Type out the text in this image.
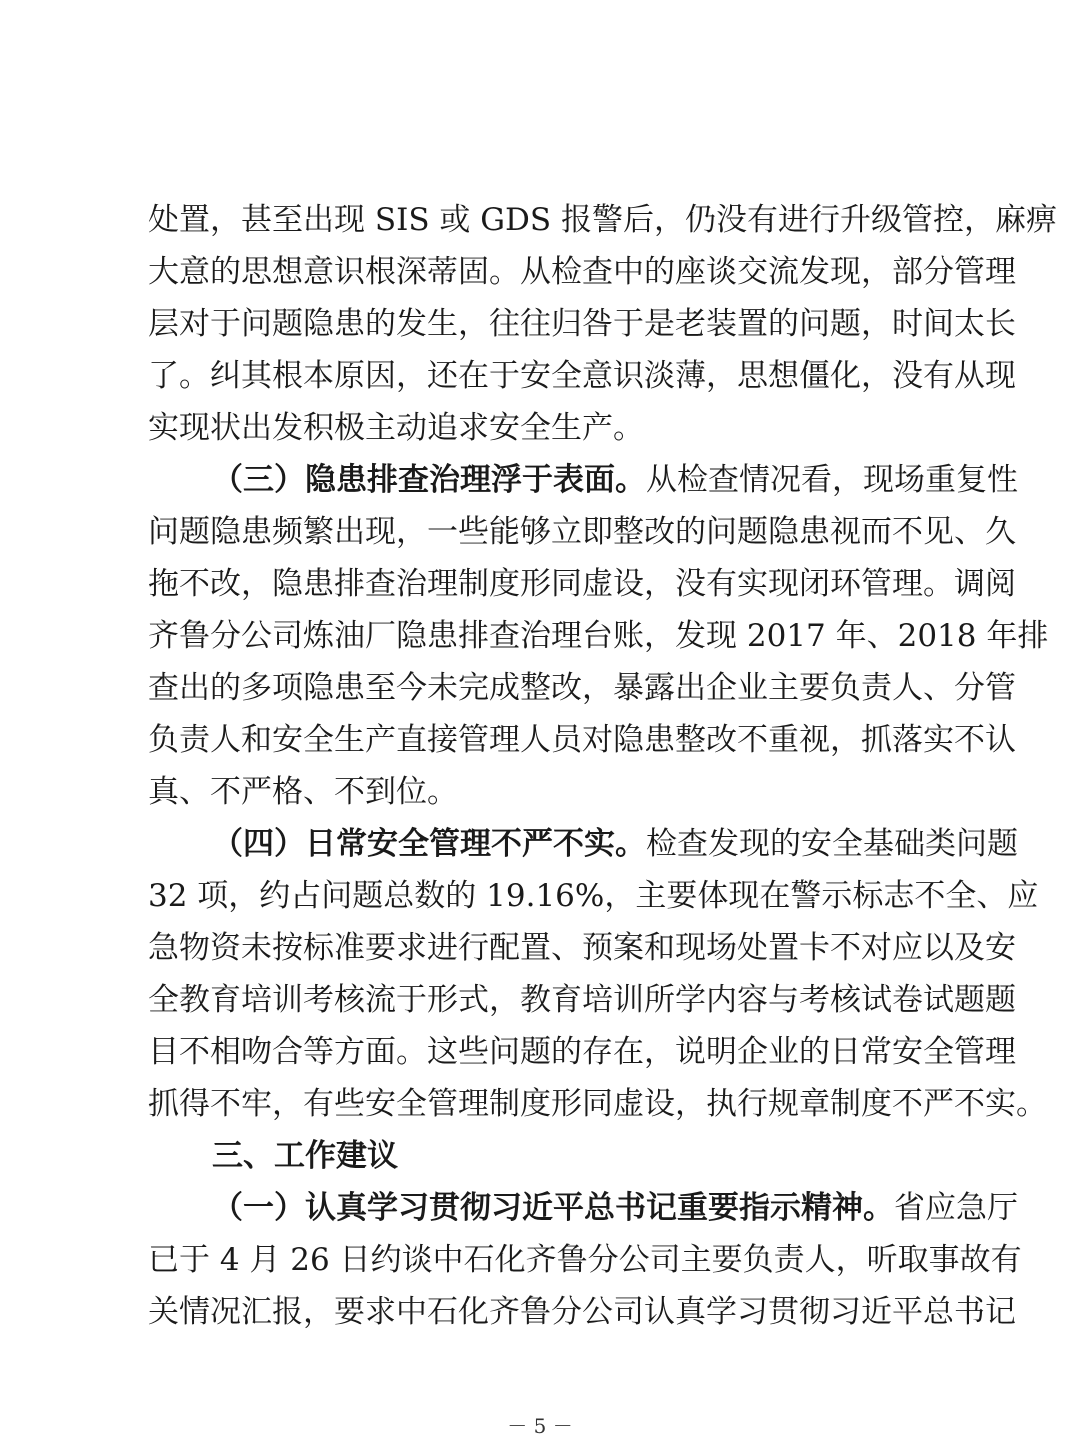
处置，甚至出现 SIS 或 GDS 报警后，仍没有进行升级管控，麻痹
大意的思想意识根深蒂固。从检查中的座谈交流发现，部分管理
层对于问题隐患的发生，往往归咎于是老装置的问题，时间太长
了。纠其根本原因，还在于安全意识淡薄，思想僵化，没有从现
实现状出发积极主动追求安全生产。
（三）隐患排查治理浮于表面。从检查情况看，现场重复性
问题隐患频繁出现，一些能够立即整改的问题隐患视而不见、久
拖不改，隐患排查治理制度形同虚设，没有实现闭环管理。调阅
齐鲁分公司炼油厂隐患排查治理台账，发现 2017 年、2018 年排
查出的多项隐患至今未完成整改，暴露出企业主要负责人、分管
负责人和安全生产直接管理人员对隐患整改不重视，抓落实不认
真、不严格、不到位。
（四）日常安全管理不严不实。检查发现的安全基础类问题
32 项，约占问题总数的 19.16%，主要体现在警示标志不全、应
急物资未按标准要求进行配置、预案和现场处置卡不对应以及安
全教育培训考核流于形式，教育培训所学内容与考核试卷试题题
目不相吻合等方面。这些问题的存在，说明企业的日常安全管理
抓得不牢，有些安全管理制度形同虚设，执行规章制度不严不实。
三、工作建议
（一）认真学习贯彻习近平总书记重要指示精神。省应急厅
已于 4 月 26 日约谈中石化齐鲁分公司主要负责人，听取事故有
关情况汇报，要求中石化齐鲁分公司认真学习贯彻习近平总书记
－ 5 －
